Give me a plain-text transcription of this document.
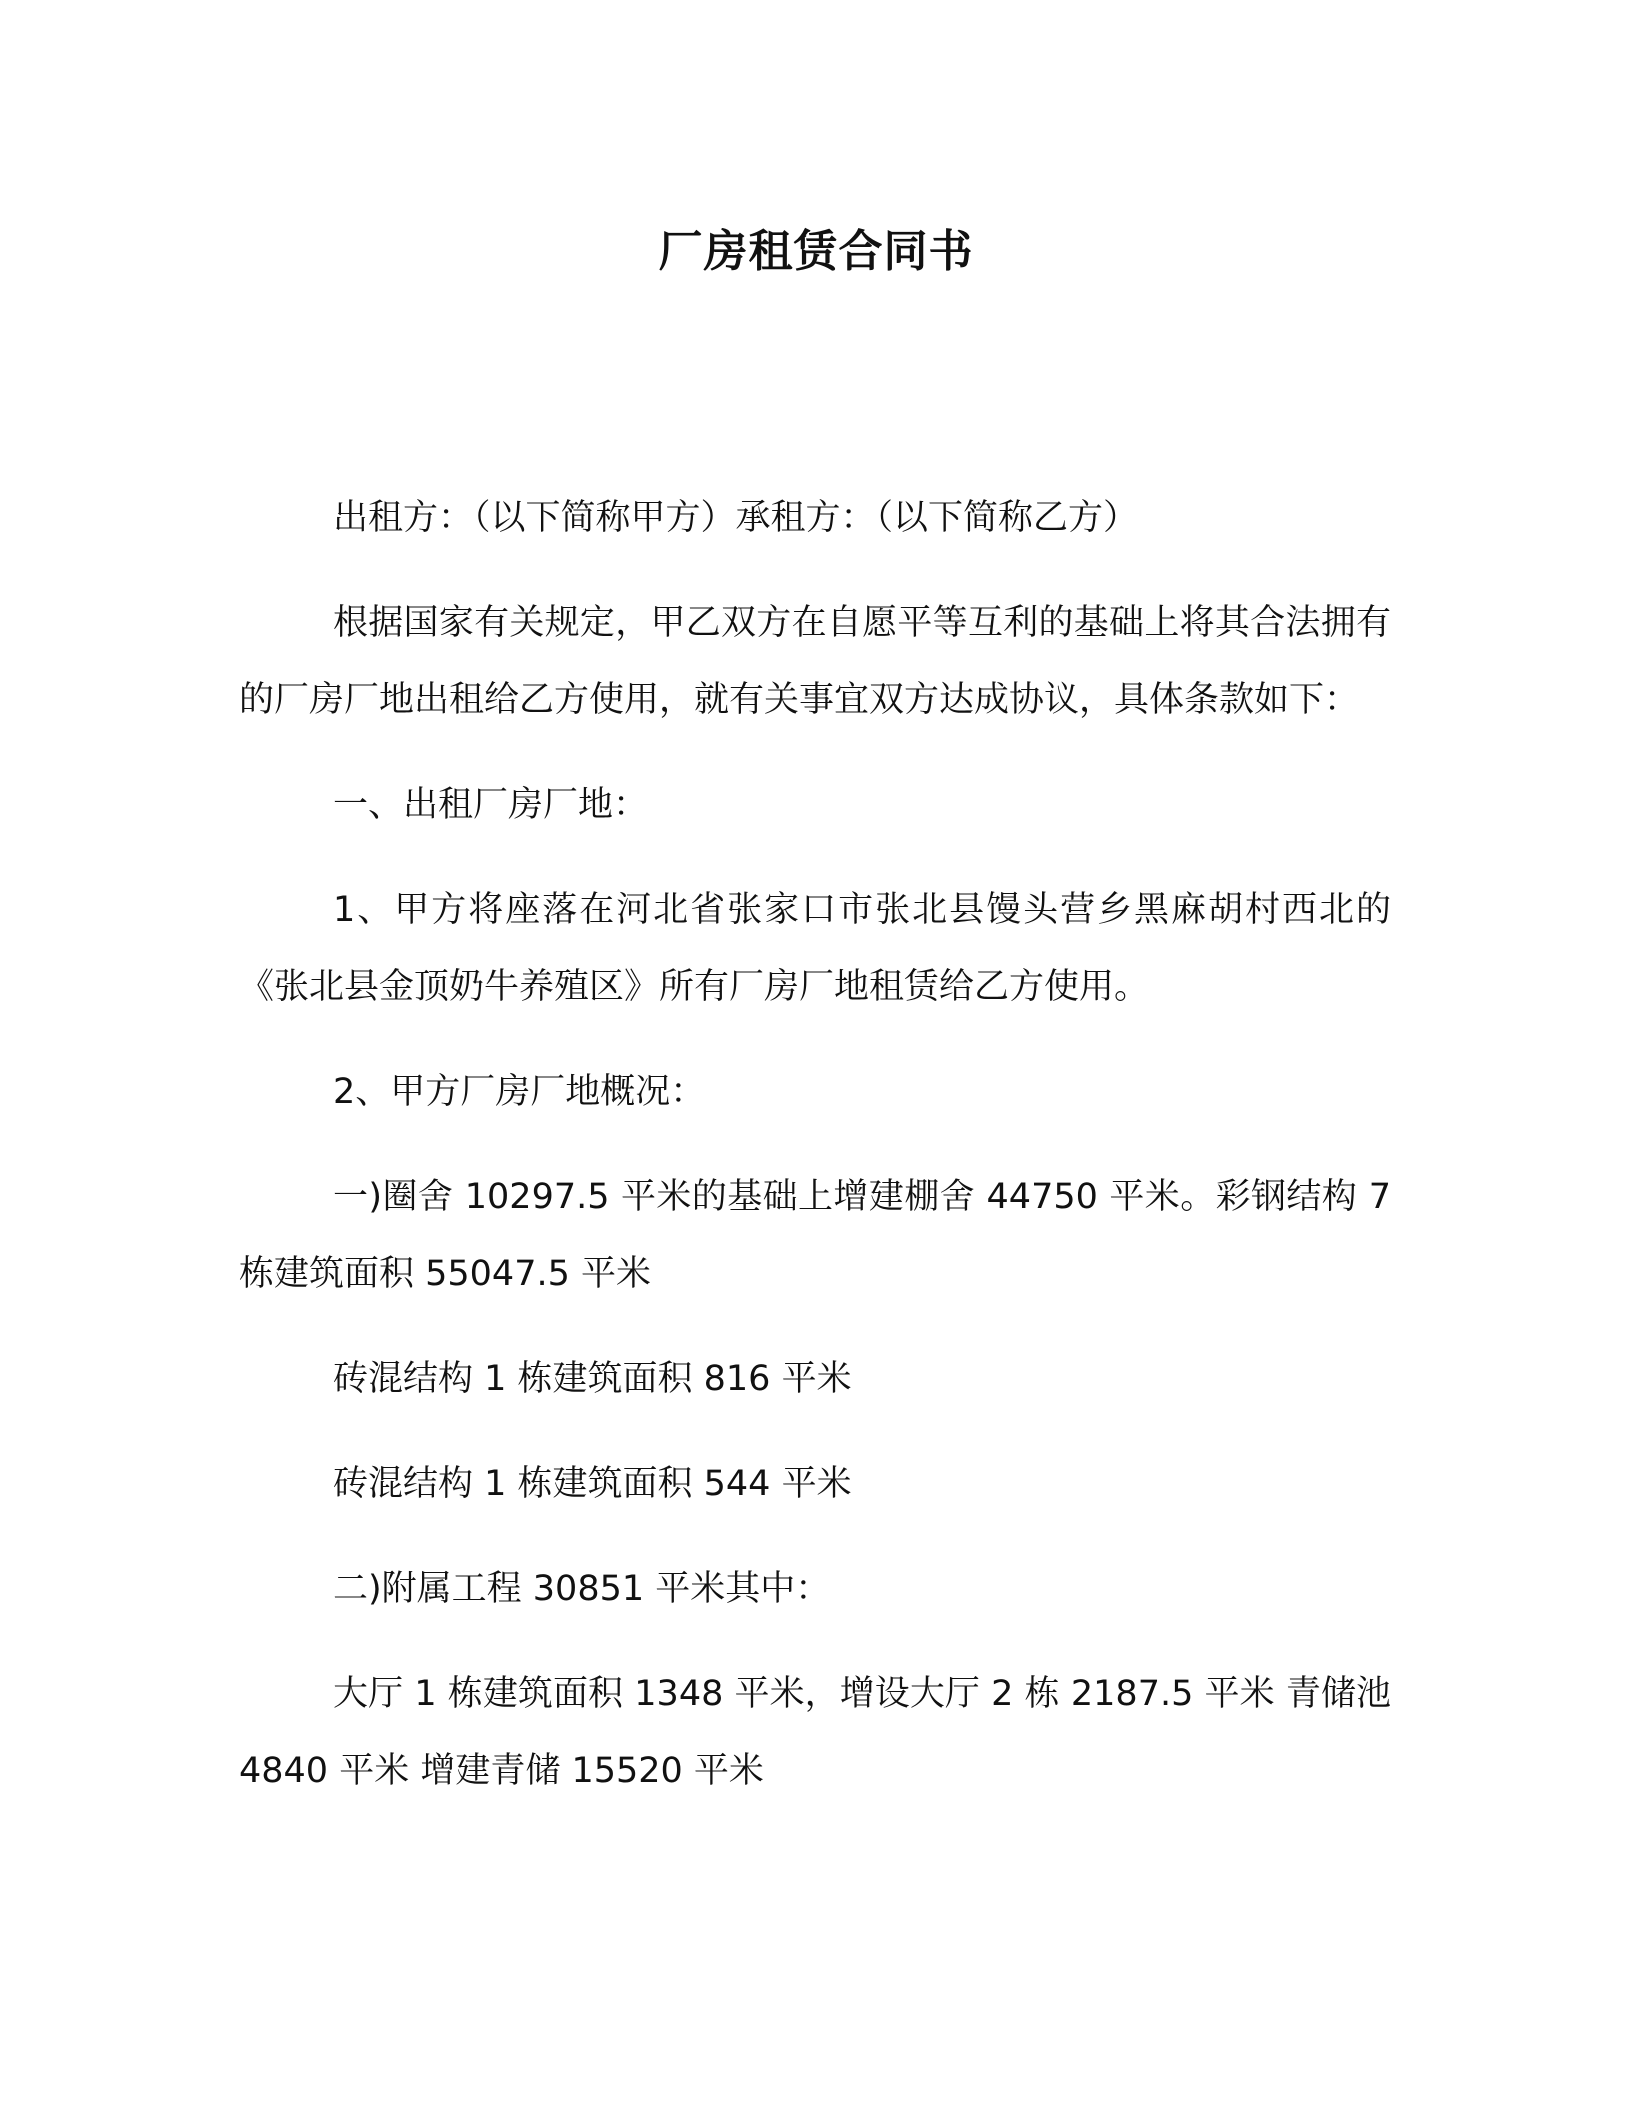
厂房租赁合同书

出租方：（以下简称甲方）承租方：（以下简称乙方）

根据国家有关规定，甲乙双方在自愿平等互利的基础上将其合法拥有的厂房厂地出租给乙方使用，就有关事宜双方达成协议，具体条款如下：

一、出租厂房厂地：

1、甲方将座落在河北省张家口市张北县馒头营乡黑麻胡村西北的《张北县金顶奶牛养殖区》所有厂房厂地租赁给乙方使用。

2、甲方厂房厂地概况：

一)圈舍 10297.5 平米的基础上增建棚舍 44750 平米。彩钢结构 7 栋建筑面积 55047.5 平米

砖混结构 1 栋建筑面积 816 平米

砖混结构 1 栋建筑面积 544 平米

二)附属工程 30851 平米其中：

大厅 1 栋建筑面积 1348 平米，增设大厅 2 栋 2187.5 平米 青储池 4840 平米 增建青储 15520 平米
